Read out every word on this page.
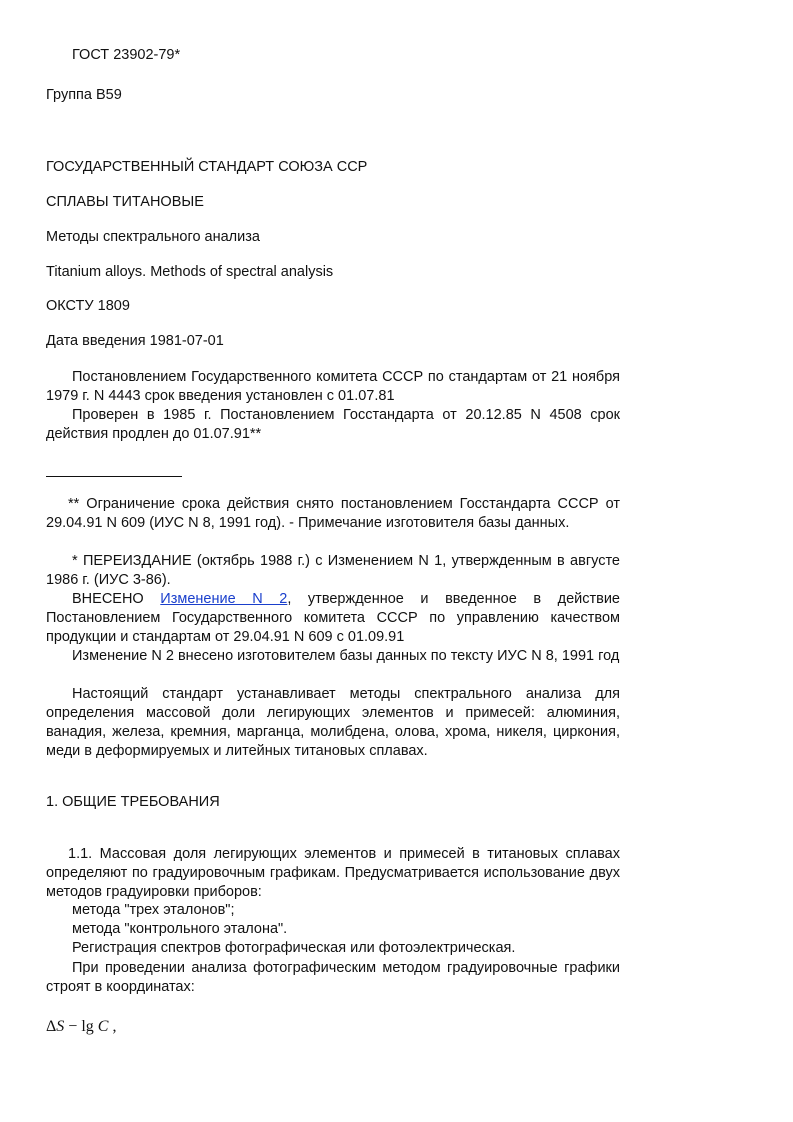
ГОСТ 23902-79*
Группа В59
ГОСУДАРСТВЕННЫЙ СТАНДАРТ СОЮЗА ССР
СПЛАВЫ ТИТАНОВЫЕ
Методы спектрального анализа
Titanium alloys. Methods of spectral analysis
ОКСТУ 1809
Дата введения 1981-07-01
Постановлением Государственного комитета СССР по стандартам от 21 ноября 1979 г. N 4443 срок введения установлен с 01.07.81
Проверен в 1985 г. Постановлением Госстандарта от 20.12.85 N 4508 срок действия продлен до 01.07.91**
** Ограничение срока действия снято постановлением Госстандарта СССР от 29.04.91 N 609 (ИУС N 8, 1991 год). - Примечание изготовителя базы данных.
* ПЕРЕИЗДАНИЕ (октябрь 1988 г.) с Изменением N 1, утвержденным в августе 1986 г. (ИУС 3-86).
ВНЕСЕНО Изменение N 2, утвержденное и введенное в действие Постановлением Государственного комитета СССР по управлению качеством продукции и стандартам от 29.04.91 N 609 с 01.09.91
Изменение N 2 внесено изготовителем базы данных по тексту ИУС N 8, 1991 год
Настоящий стандарт устанавливает методы спектрального анализа для определения массовой доли легирующих элементов и примесей: алюминия, ванадия, железа, кремния, марганца, молибдена, олова, хрома, никеля, циркония, меди в деформируемых и литейных титановых сплавах.
1. ОБЩИЕ ТРЕБОВАНИЯ
1.1. Массовая доля легирующих элементов и примесей в титановых сплавах определяют по градуировочным графикам. Предусматривается использование двух методов градуировки приборов:
метода "трех эталонов";
метода "контрольного эталона".
Регистрация спектров фотографическая или фотоэлектрическая.
При проведении анализа фотографическим методом градуировочные графики строят в координатах:
ΔS − lg C ,
